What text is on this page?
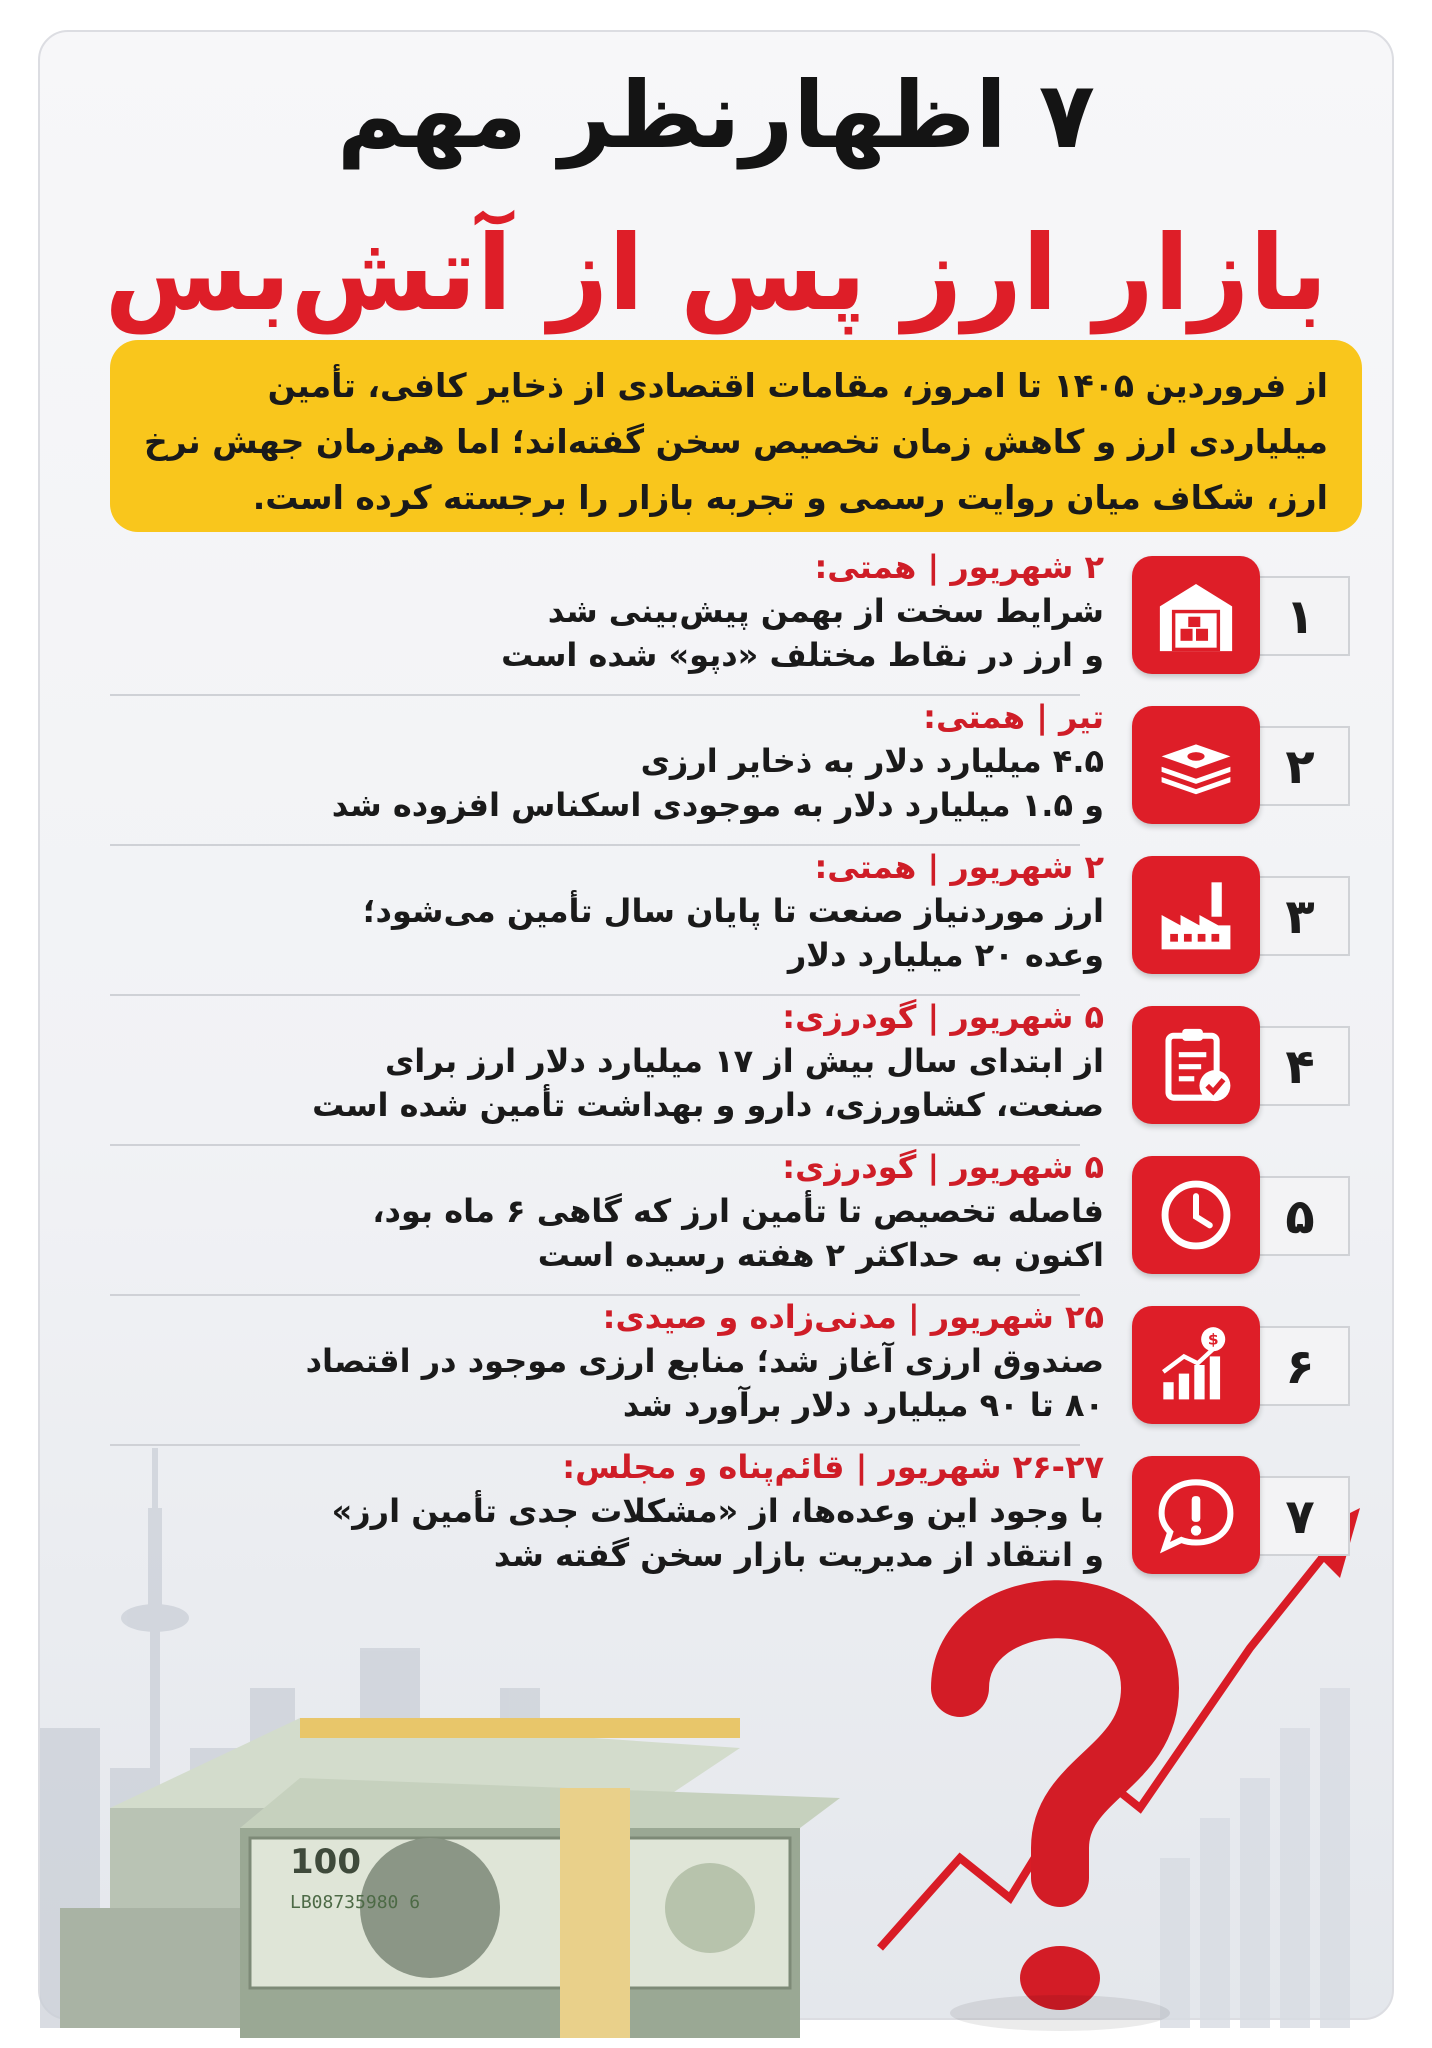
۷ اظهارنظر مهم
بازار ارز پس از آتش‌بس
از فروردین ۱۴۰۵ تا امروز، مقامات اقتصادی از ذخایر کافی، تأمین میلیاردی ارز و کاهش زمان تخصیص سخن گفته‌اند؛ اما هم‌زمان جهش نرخ ارز، شکاف میان روایت رسمی و تجربه بازار را برجسته کرده است.
100
LB08735980 6
۱
۲ شهریور | همتی:
شرایط سخت از بهمن پیش‌بینی شد
و ارز در نقاط مختلف «دپو» شده است
۲
تیر | همتی:
۴.۵ میلیارد دلار به ذخایر ارزی
و ۱.۵ میلیارد دلار به موجودی اسکناس افزوده شد
۳
۲ شهریور | همتی:
ارز موردنیاز صنعت تا پایان سال تأمین می‌شود؛
وعده ۲۰ میلیارد دلار
۴
۵ شهریور | گودرزی:
از ابتدای سال بیش از ۱۷ میلیارد دلار ارز برای
صنعت، کشاورزی، دارو و بهداشت تأمین شده است
۵
۵ شهریور | گودرزی:
فاصله تخصیص تا تأمین ارز که گاهی ۶ ماه بود،
اکنون به حداکثر ۲ هفته رسیده است
۶
$
۲۵ شهریور | مدنی‌زاده و صیدی:
صندوق ارزی آغاز شد؛ منابع ارزی موجود در اقتصاد
۸۰ تا ۹۰ میلیارد دلار برآورد شد
۷
۲۶-۲۷ شهریور | قائم‌پناه و مجلس:
با وجود این وعده‌ها، از «مشکلات جدی تأمین ارز»
و انتقاد از مدیریت بازار سخن گفته شد
